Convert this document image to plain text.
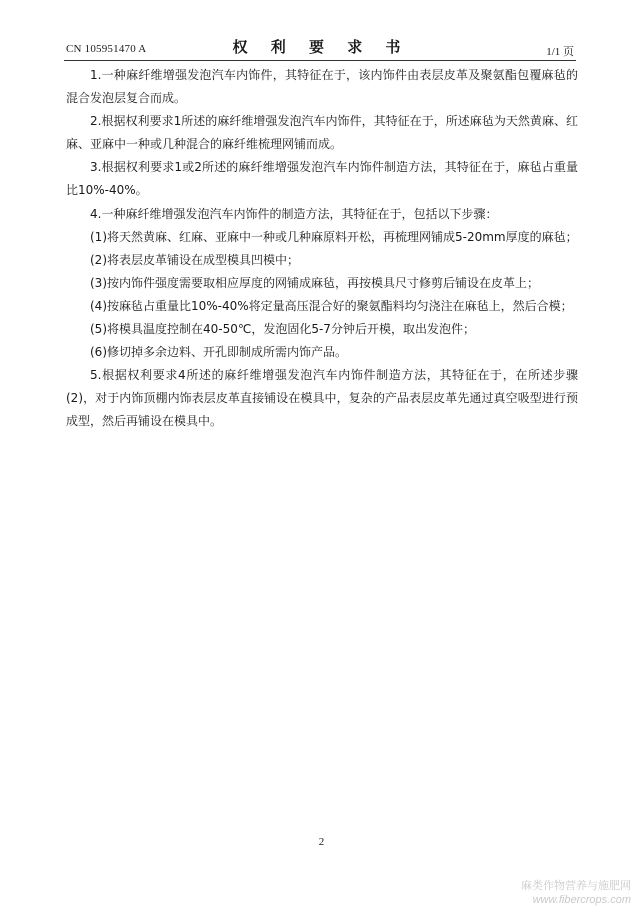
CN 105951470 A	权 利 要 求 书	1/1 页

1.一种麻纤维增强发泡汽车内饰件，其特征在于，该内饰件由表层皮革及聚氨酯包覆麻毡的混合发泡层复合而成。

2.根据权利要求1所述的麻纤维增强发泡汽车内饰件，其特征在于，所述麻毡为天然黄麻、红麻、亚麻中一种或几种混合的麻纤维梳理网铺而成。

3.根据权利要求1或2所述的麻纤维增强发泡汽车内饰件制造方法，其特征在于，麻毡占重量比10%-40%。

4.一种麻纤维增强发泡汽车内饰件的制造方法，其特征在于，包括以下步骤：

(1)将天然黄麻、红麻、亚麻中一种或几种麻原料开松，再梳理网铺成5-20mm厚度的麻毡；

(2)将表层皮革铺设在成型模具凹模中；

(3)按内饰件强度需要取相应厚度的网铺成麻毡，再按模具尺寸修剪后铺设在皮革上；

(4)按麻毡占重量比10%-40%将定量高压混合好的聚氨酯料均匀浇注在麻毡上，然后合模；

(5)将模具温度控制在40-50℃，发泡固化5-7分钟后开模，取出发泡件；

(6)修切掉多余边料、开孔即制成所需内饰产品。

5.根据权利要求4所述的麻纤维增强发泡汽车内饰件制造方法，其特征在于，在所述步骤(2)，对于内饰顶棚内饰表层皮革直接铺设在模具中，复杂的产品表层皮革先通过真空吸型进行预成型，然后再铺设在模具中。

2
麻类作物营养与施肥网
www.fibercrops.com
